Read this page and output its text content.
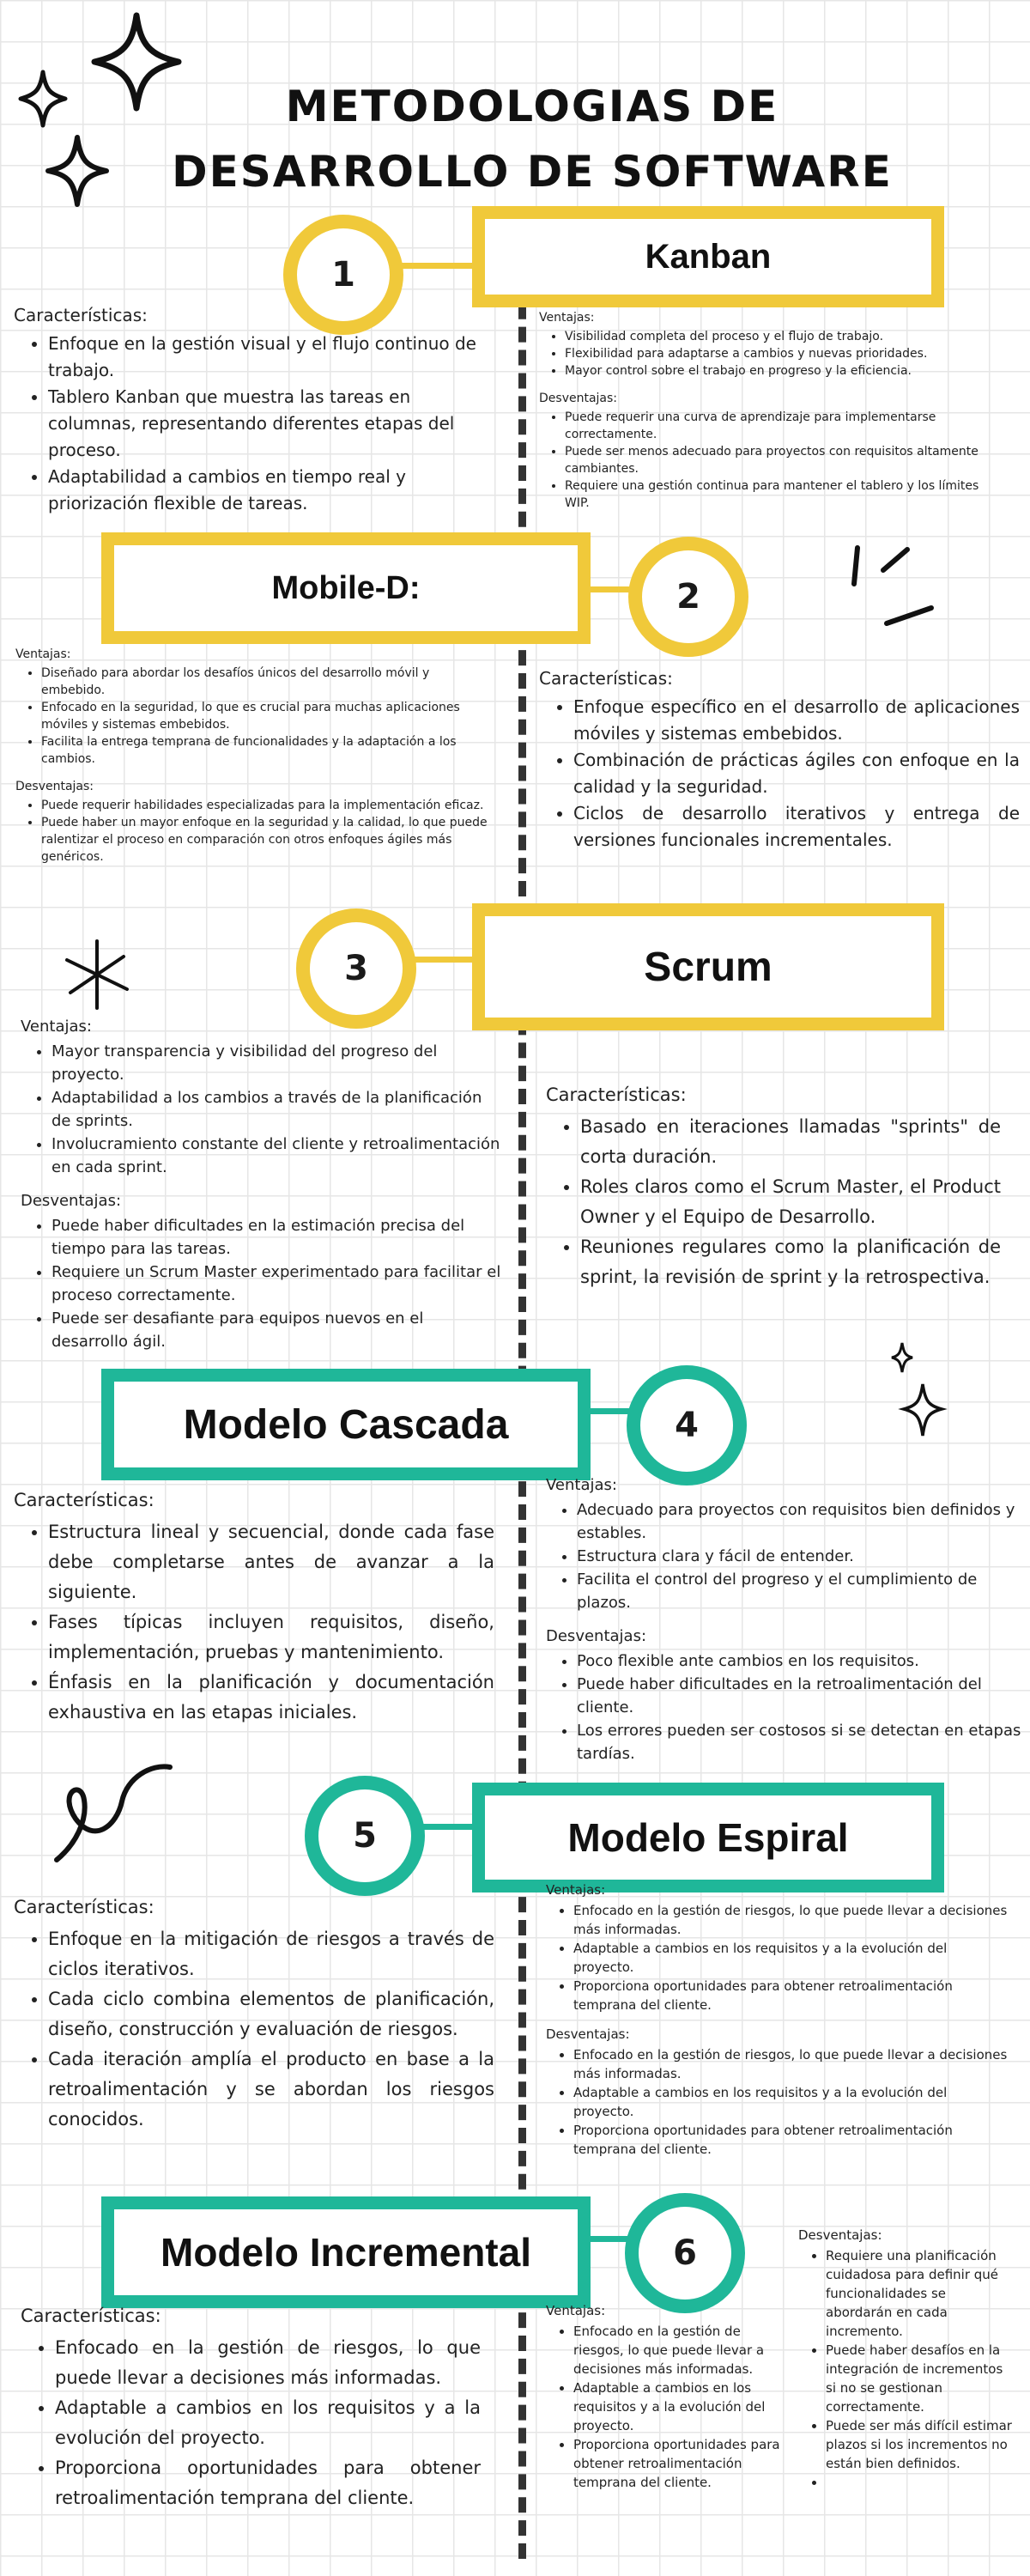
METODOLOGIAS DE DESARROLLO DE SOFTWARE
1	Kanban
Características:
• Enfoque en la gestión visual y el flujo continuo de trabajo.
• Tablero Kanban que muestra las tareas en columnas, representando diferentes etapas del proceso.
• Adaptabilidad a cambios en tiempo real y priorización flexible de tareas.
Ventajas:
• Visibilidad completa del proceso y el flujo de trabajo.
• Flexibilidad para adaptarse a cambios y nuevas prioridades.
• Mayor control sobre el trabajo en progreso y la eficiencia.
Desventajas:
• Puede requerir una curva de aprendizaje para implementarse correctamente.
• Puede ser menos adecuado para proyectos con requisitos altamente cambiantes.
• Requiere una gestión continua para mantener el tablero y los límites WIP.
Mobile-D:	2
Ventajas:
• Diseñado para abordar los desafíos únicos del desarrollo móvil y embebido.
• Enfocado en la seguridad, lo que es crucial para muchas aplicaciones móviles y sistemas embebidos.
• Facilita la entrega temprana de funcionalidades y la adaptación a los cambios.
Desventajas:
• Puede requerir habilidades especializadas para la implementación eficaz.
• Puede haber un mayor enfoque en la seguridad y la calidad, lo que puede ralentizar el proceso en comparación con otros enfoques ágiles más genéricos.
Características:
• Enfoque específico en el desarrollo de aplicaciones móviles y sistemas embebidos.
• Combinación de prácticas ágiles con enfoque en la calidad y la seguridad.
• Ciclos de desarrollo iterativos y entrega de versiones funcionales incrementales.
3	Scrum
Ventajas:
• Mayor transparencia y visibilidad del progreso del proyecto.
• Adaptabilidad a los cambios a través de la planificación de sprints.
• Involucramiento constante del cliente y retroalimentación en cada sprint.
Desventajas:
• Puede haber dificultades en la estimación precisa del tiempo para las tareas.
• Requiere un Scrum Master experimentado para facilitar el proceso correctamente.
• Puede ser desafiante para equipos nuevos en el desarrollo ágil.
Características:
• Basado en iteraciones llamadas "sprints" de corta duración.
• Roles claros como el Scrum Master, el Product Owner y el Equipo de Desarrollo.
• Reuniones regulares como la planificación de sprint, la revisión de sprint y la retrospectiva.
Modelo Cascada	4
Características:
• Estructura lineal y secuencial, donde cada fase debe completarse antes de avanzar a la siguiente.
• Fases típicas incluyen requisitos, diseño, implementación, pruebas y mantenimiento.
• Énfasis en la planificación y documentación exhaustiva en las etapas iniciales.
Ventajas:
• Adecuado para proyectos con requisitos bien definidos y estables.
• Estructura clara y fácil de entender.
• Facilita el control del progreso y el cumplimiento de plazos.
Desventajas:
• Poco flexible ante cambios en los requisitos.
• Puede haber dificultades en la retroalimentación del cliente.
• Los errores pueden ser costosos si se detectan en etapas tardías.
5	Modelo Espiral
Características:
• Enfoque en la mitigación de riesgos a través de ciclos iterativos.
• Cada ciclo combina elementos de planificación, diseño, construcción y evaluación de riesgos.
• Cada iteración amplía el producto en base a la retroalimentación y se abordan los riesgos conocidos.
Ventajas:
• Enfocado en la gestión de riesgos, lo que puede llevar a decisiones más informadas.
• Adaptable a cambios en los requisitos y a la evolución del proyecto.
• Proporciona oportunidades para obtener retroalimentación temprana del cliente.
Desventajas:
• Enfocado en la gestión de riesgos, lo que puede llevar a decisiones más informadas.
• Adaptable a cambios en los requisitos y a la evolución del proyecto.
• Proporciona oportunidades para obtener retroalimentación temprana del cliente.
Modelo Incremental	6
Características:
• Enfocado en la gestión de riesgos, lo que puede llevar a decisiones más informadas.
• Adaptable a cambios en los requisitos y a la evolución del proyecto.
• Proporciona oportunidades para obtener retroalimentación temprana del cliente.
Ventajas:
• Enfocado en la gestión de riesgos, lo que puede llevar a decisiones más informadas.
• Adaptable a cambios en los requisitos y a la evolución del proyecto.
• Proporciona oportunidades para obtener retroalimentación temprana del cliente.
Desventajas:
• Requiere una planificación cuidadosa para definir qué funcionalidades se abordarán en cada incremento.
• Puede haber desafíos en la integración de incrementos si no se gestionan correctamente.
• Puede ser más difícil estimar plazos si los incrementos no están bien definidos.
•
